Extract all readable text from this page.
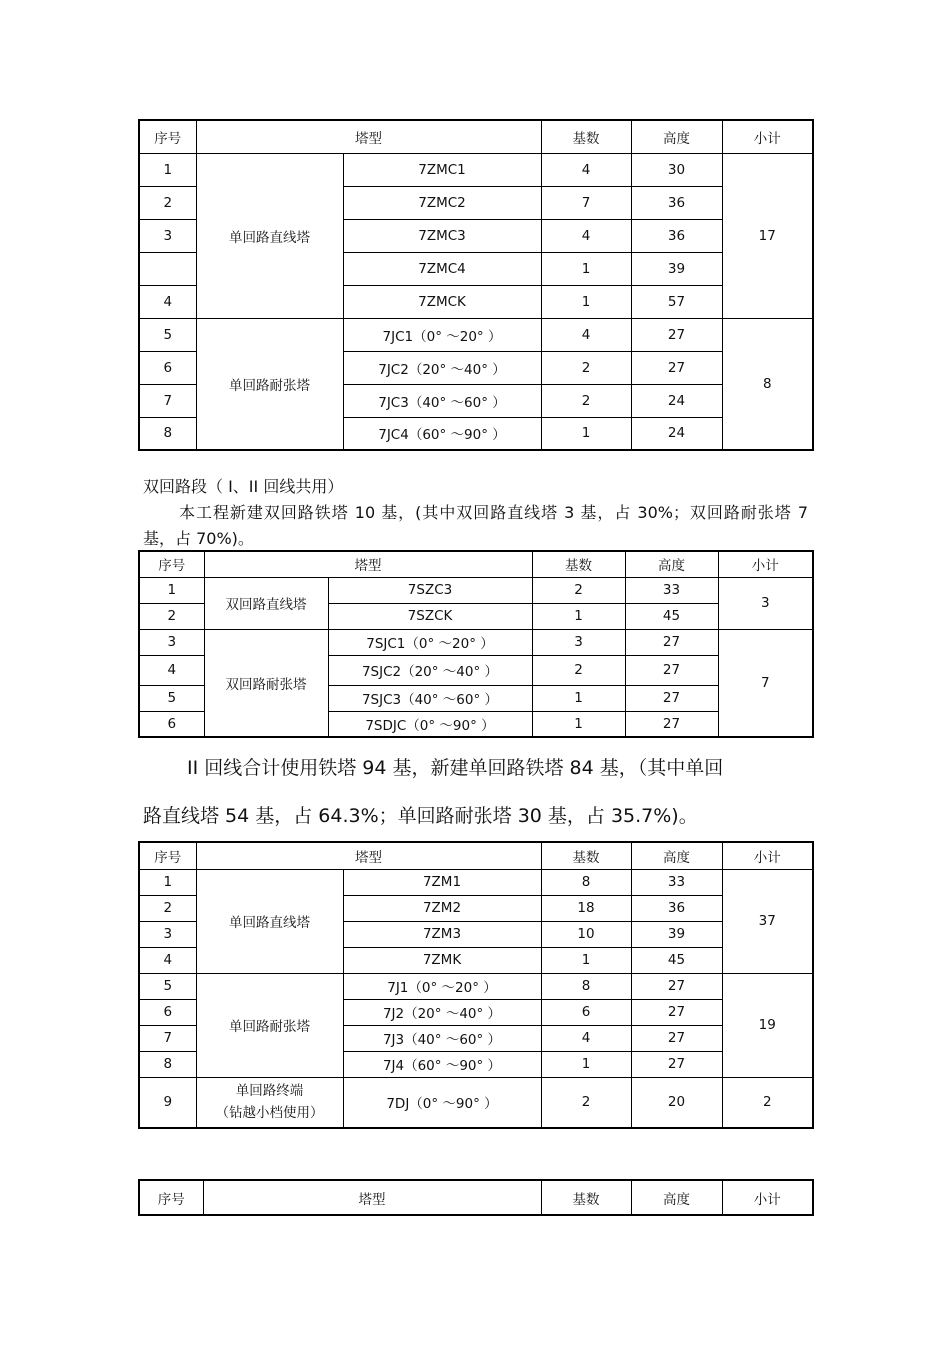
序号	塔型		基数	高度	小计
1	单回路直线塔	7ZMC1	4	30	17
2		7ZMC2	7	36	
3		7ZMC3	4	36	
		7ZMC4	1	39	
4		7ZMCK	1	57	
5	单回路耐张塔	7JC1（0° ～20° ）	4	27	8
6		7JC2（20° ～40° ）	2	27	
7		7JC3（40° ～60° ）	2	24	
8		7JC4（60° ～90° ）	1	24	

双回路段（ I、II 回线共用）

本工程新建双回路铁塔 10 基，(其中双回路直线塔 3 基，占 30%；双回路耐张塔 7 基，占 70%)。

序号	塔型		基数	高度	小计
1	双回路直线塔	7SZC3	2	33	3
2		7SZCK	1	45	
3	双回路耐张塔	7SJC1（0° ～20° ）	3	27	7
4		7SJC2（20° ～40° ）	2	27	
5		7SJC3（40° ～60° ）	1	27	
6		7SDJC（0° ～90° ）	1	27	

II 回线合计使用铁塔 94 基，新建单回路铁塔 84 基，（其中单回

路直线塔 54 基，占 64.3%；单回路耐张塔 30 基，占 35.7%)。

序号	塔型		基数	高度	小计
1	单回路直线塔	7ZM1	8	33	37
2		7ZM2	18	36	
3		7ZM3	10	39	
4		7ZMK	1	45	
5	单回路耐张塔	7J1（0° ～20° ）	8	27	19
6		7J2（20° ～40° ）	6	27	
7		7J3（40° ～60° ）	4	27	
8		7J4（60° ～90° ）	1	27	
9	单回路终端
（钻越小档使用）	7DJ（0° ～90° ）	2	20	2
序号	塔型	基数	高度	小计
